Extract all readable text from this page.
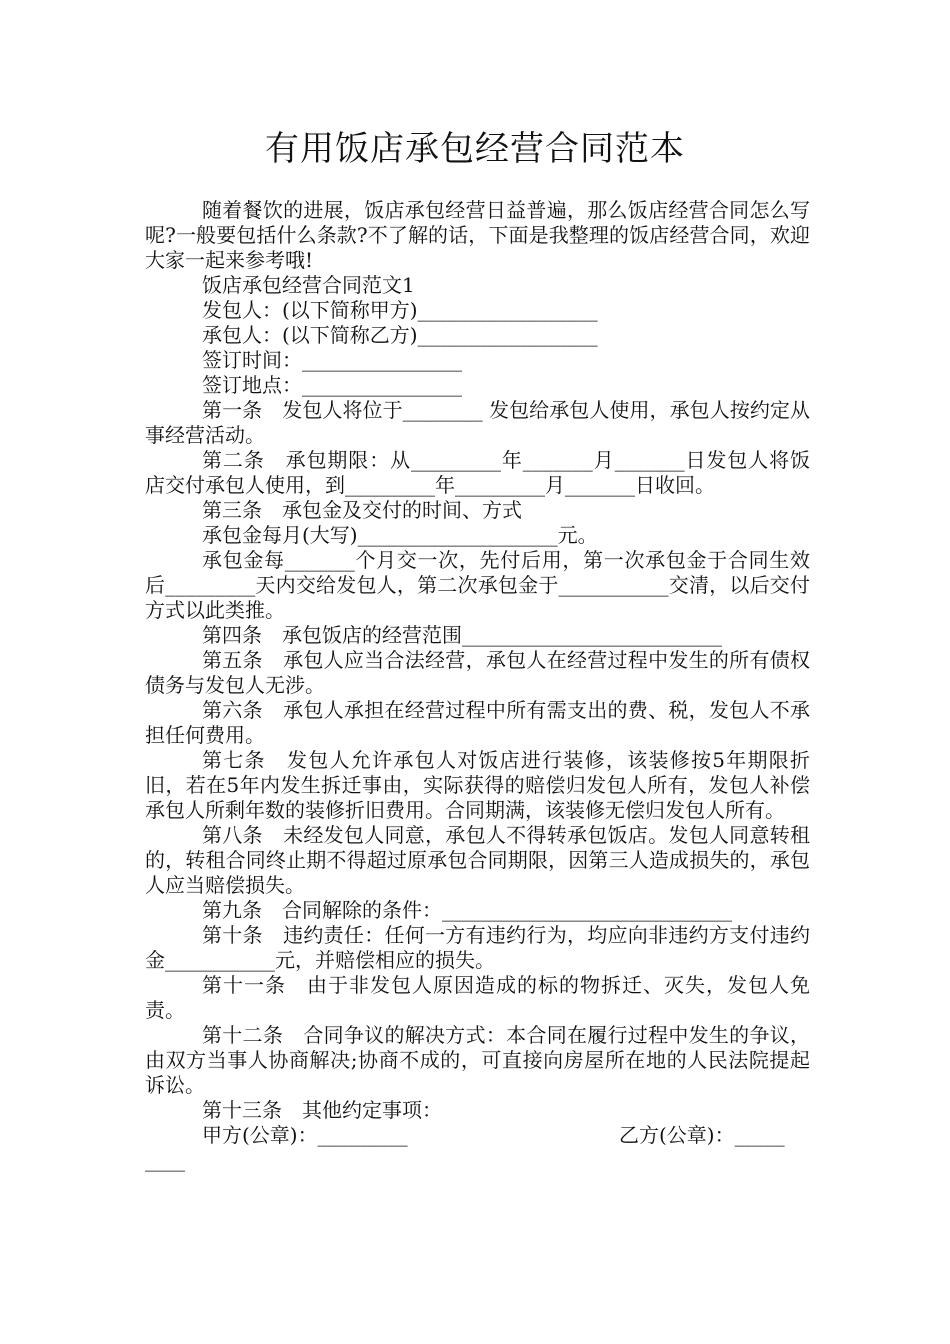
有用饭店承包经营合同范本

随着餐饮的进展，饭店承包经营日益普遍，那么饭店经营合同怎么写呢?一般要包括什么条款?不了解的话，下面是我整理的饭店经营合同，欢迎大家一起来参考哦!

饭店承包经营合同范文1

发包人：(以下简称甲方)__________________

承包人：(以下简称乙方)__________________

签订时间：________________

签订地点：________________

第一条　发包人将位于________ 发包给承包人使用，承包人按约定从事经营活动。

第二条　承包期限：从_________年_______月_______日发包人将饭店交付承包人使用，到_________年_________月_______日收回。

第三条　承包金及交付的时间、方式

承包金每月(大写)____________________元。

承包金每_______个月交一次，先付后用，第一次承包金于合同生效后_________天内交给发包人，第二次承包金于___________交清，以后交付方式以此类推。

第四条　承包饭店的经营范围__________________________

第五条　承包人应当合法经营，承包人在经营过程中发生的所有债权债务与发包人无涉。

第六条　承包人承担在经营过程中所有需支出的费、税，发包人不承担任何费用。

第七条　发包人允许承包人对饭店进行装修，该装修按5年期限折旧，若在5年内发生拆迁事由，实际获得的赔偿归发包人所有，发包人补偿承包人所剩年数的装修折旧费用。合同期满，该装修无偿归发包人所有。

第八条　未经发包人同意，承包人不得转承包饭店。发包人同意转租的，转租合同终止期不得超过原承包合同期限，因第三人造成损失的，承包人应当赔偿损失。

第九条　合同解除的条件：_____________________________

第十条　违约责任：任何一方有违约行为，均应向非违约方支付违约金___________元，并赔偿相应的损失。

第十一条　由于非发包人原因造成的标的物拆迁、灭失，发包人免责。

第十二条　合同争议的解决方式：本合同在履行过程中发生的争议，由双方当事人协商解决;协商不成的，可直接向房屋所在地的人民法院提起诉讼。

第十三条　其他约定事项：

甲方(公章)：_________	乙方(公章)：_____
____
